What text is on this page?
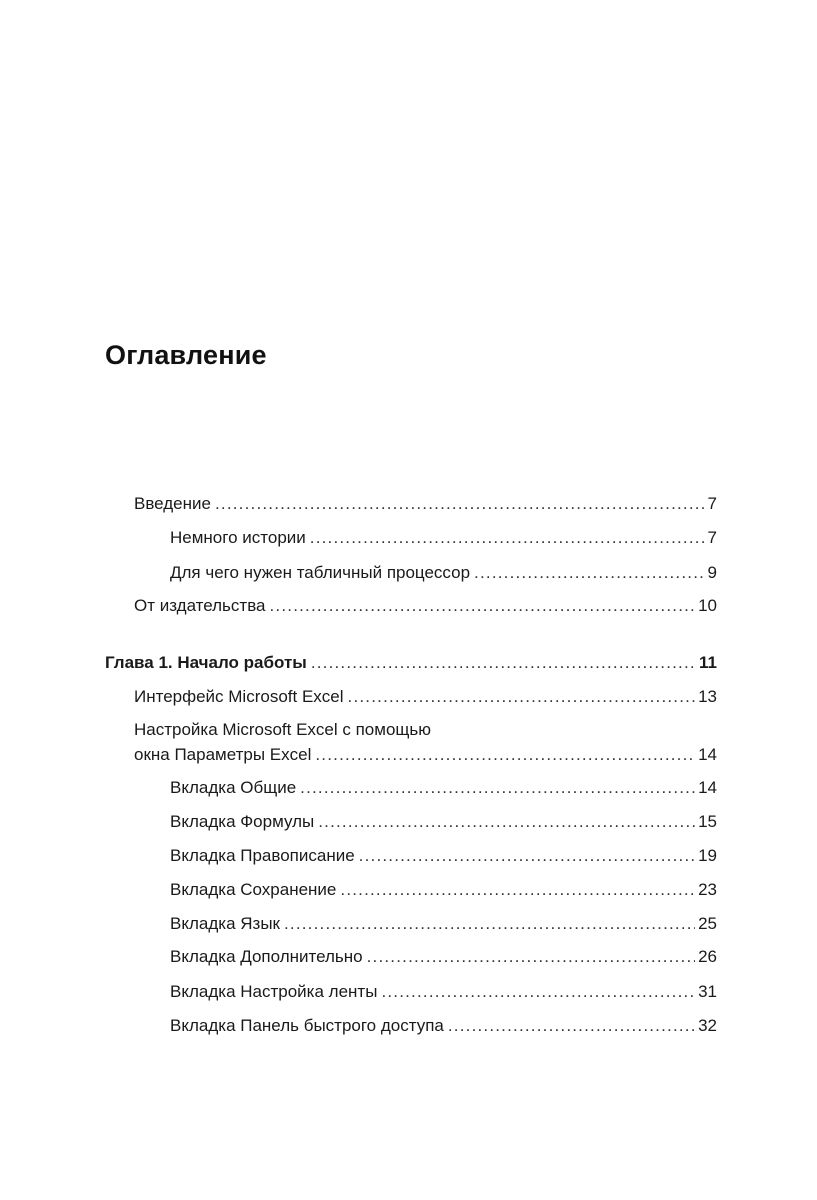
Оглавление
Введение .....	7
Немного истории .....	7
Для чего нужен табличный процессор .....	9
От издательства .....	10
Глава 1. Начало работы .....	11
Интерфейс Microsoft Excel .....	13
Настройка Microsoft Excel с помощью
окна Параметры Excel .....	14
Вкладка Общие .....	14
Вкладка Формулы .....	15
Вкладка Правописание .....	19
Вкладка Сохранение .....	23
Вкладка Язык .....	25
Вкладка Дополнительно .....	26
Вкладка Настройка ленты .....	31
Вкладка Панель быстрого доступа .....	32
